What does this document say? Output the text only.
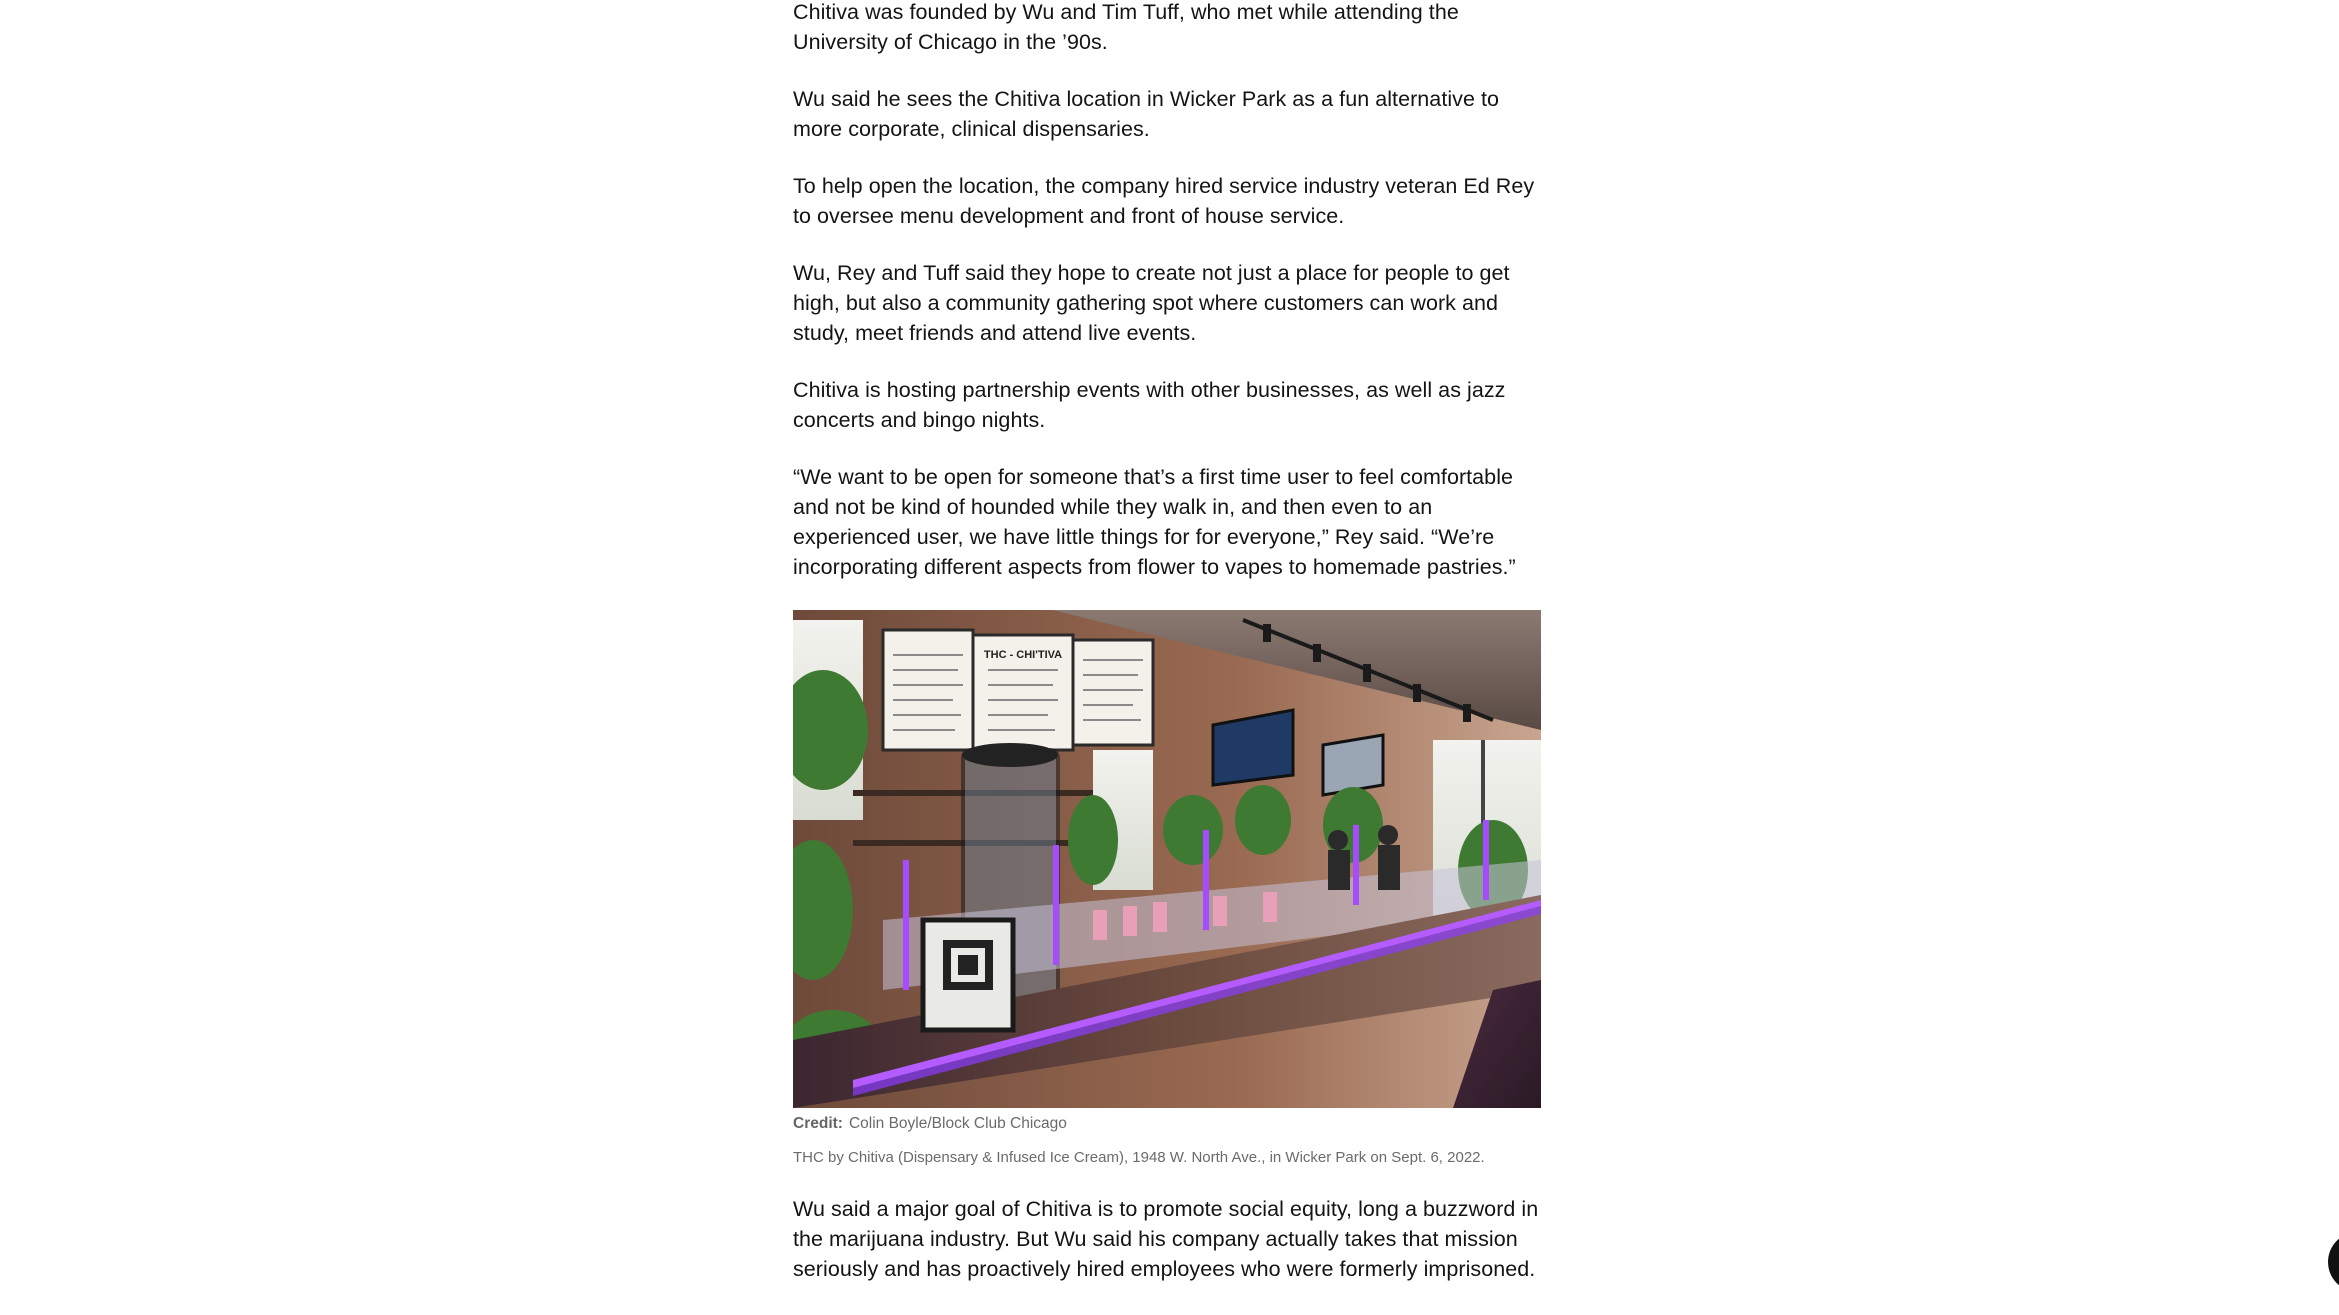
Chitiva was founded by Wu and Tim Tuff, who met while attending the University of Chicago in the ’90s.

Wu said he sees the Chitiva location in Wicker Park as a fun alternative to more corporate, clinical dispensaries.

To help open the location, the company hired service industry veteran Ed Rey to oversee menu development and front of house service.

Wu, Rey and Tuff said they hope to create not just a place for people to get high, but also a community gathering spot where customers can work and study, meet friends and attend live events.

Chitiva is hosting partnership events with other businesses, as well as jazz concerts and bingo nights.

“We want to be open for someone that’s a first time user to feel comfortable and not be kind of hounded while they walk in, and then even to an experienced user, we have little things for for everyone,” Rey said. “We’re incorporating different aspects from flower to vapes to homemade pastries.”

THC - CHI'TIVA
Credit: Colin Boyle/Block Club Chicago
THC by Chitiva (Dispensary & Infused Ice Cream), 1948 W. North Ave., in Wicker Park on Sept. 6, 2022.

Wu said a major goal of Chitiva is to promote social equity, long a buzzword in the marijuana industry. But Wu said his company actually takes that mission seriously and has proactively hired employees who were formerly imprisoned.
